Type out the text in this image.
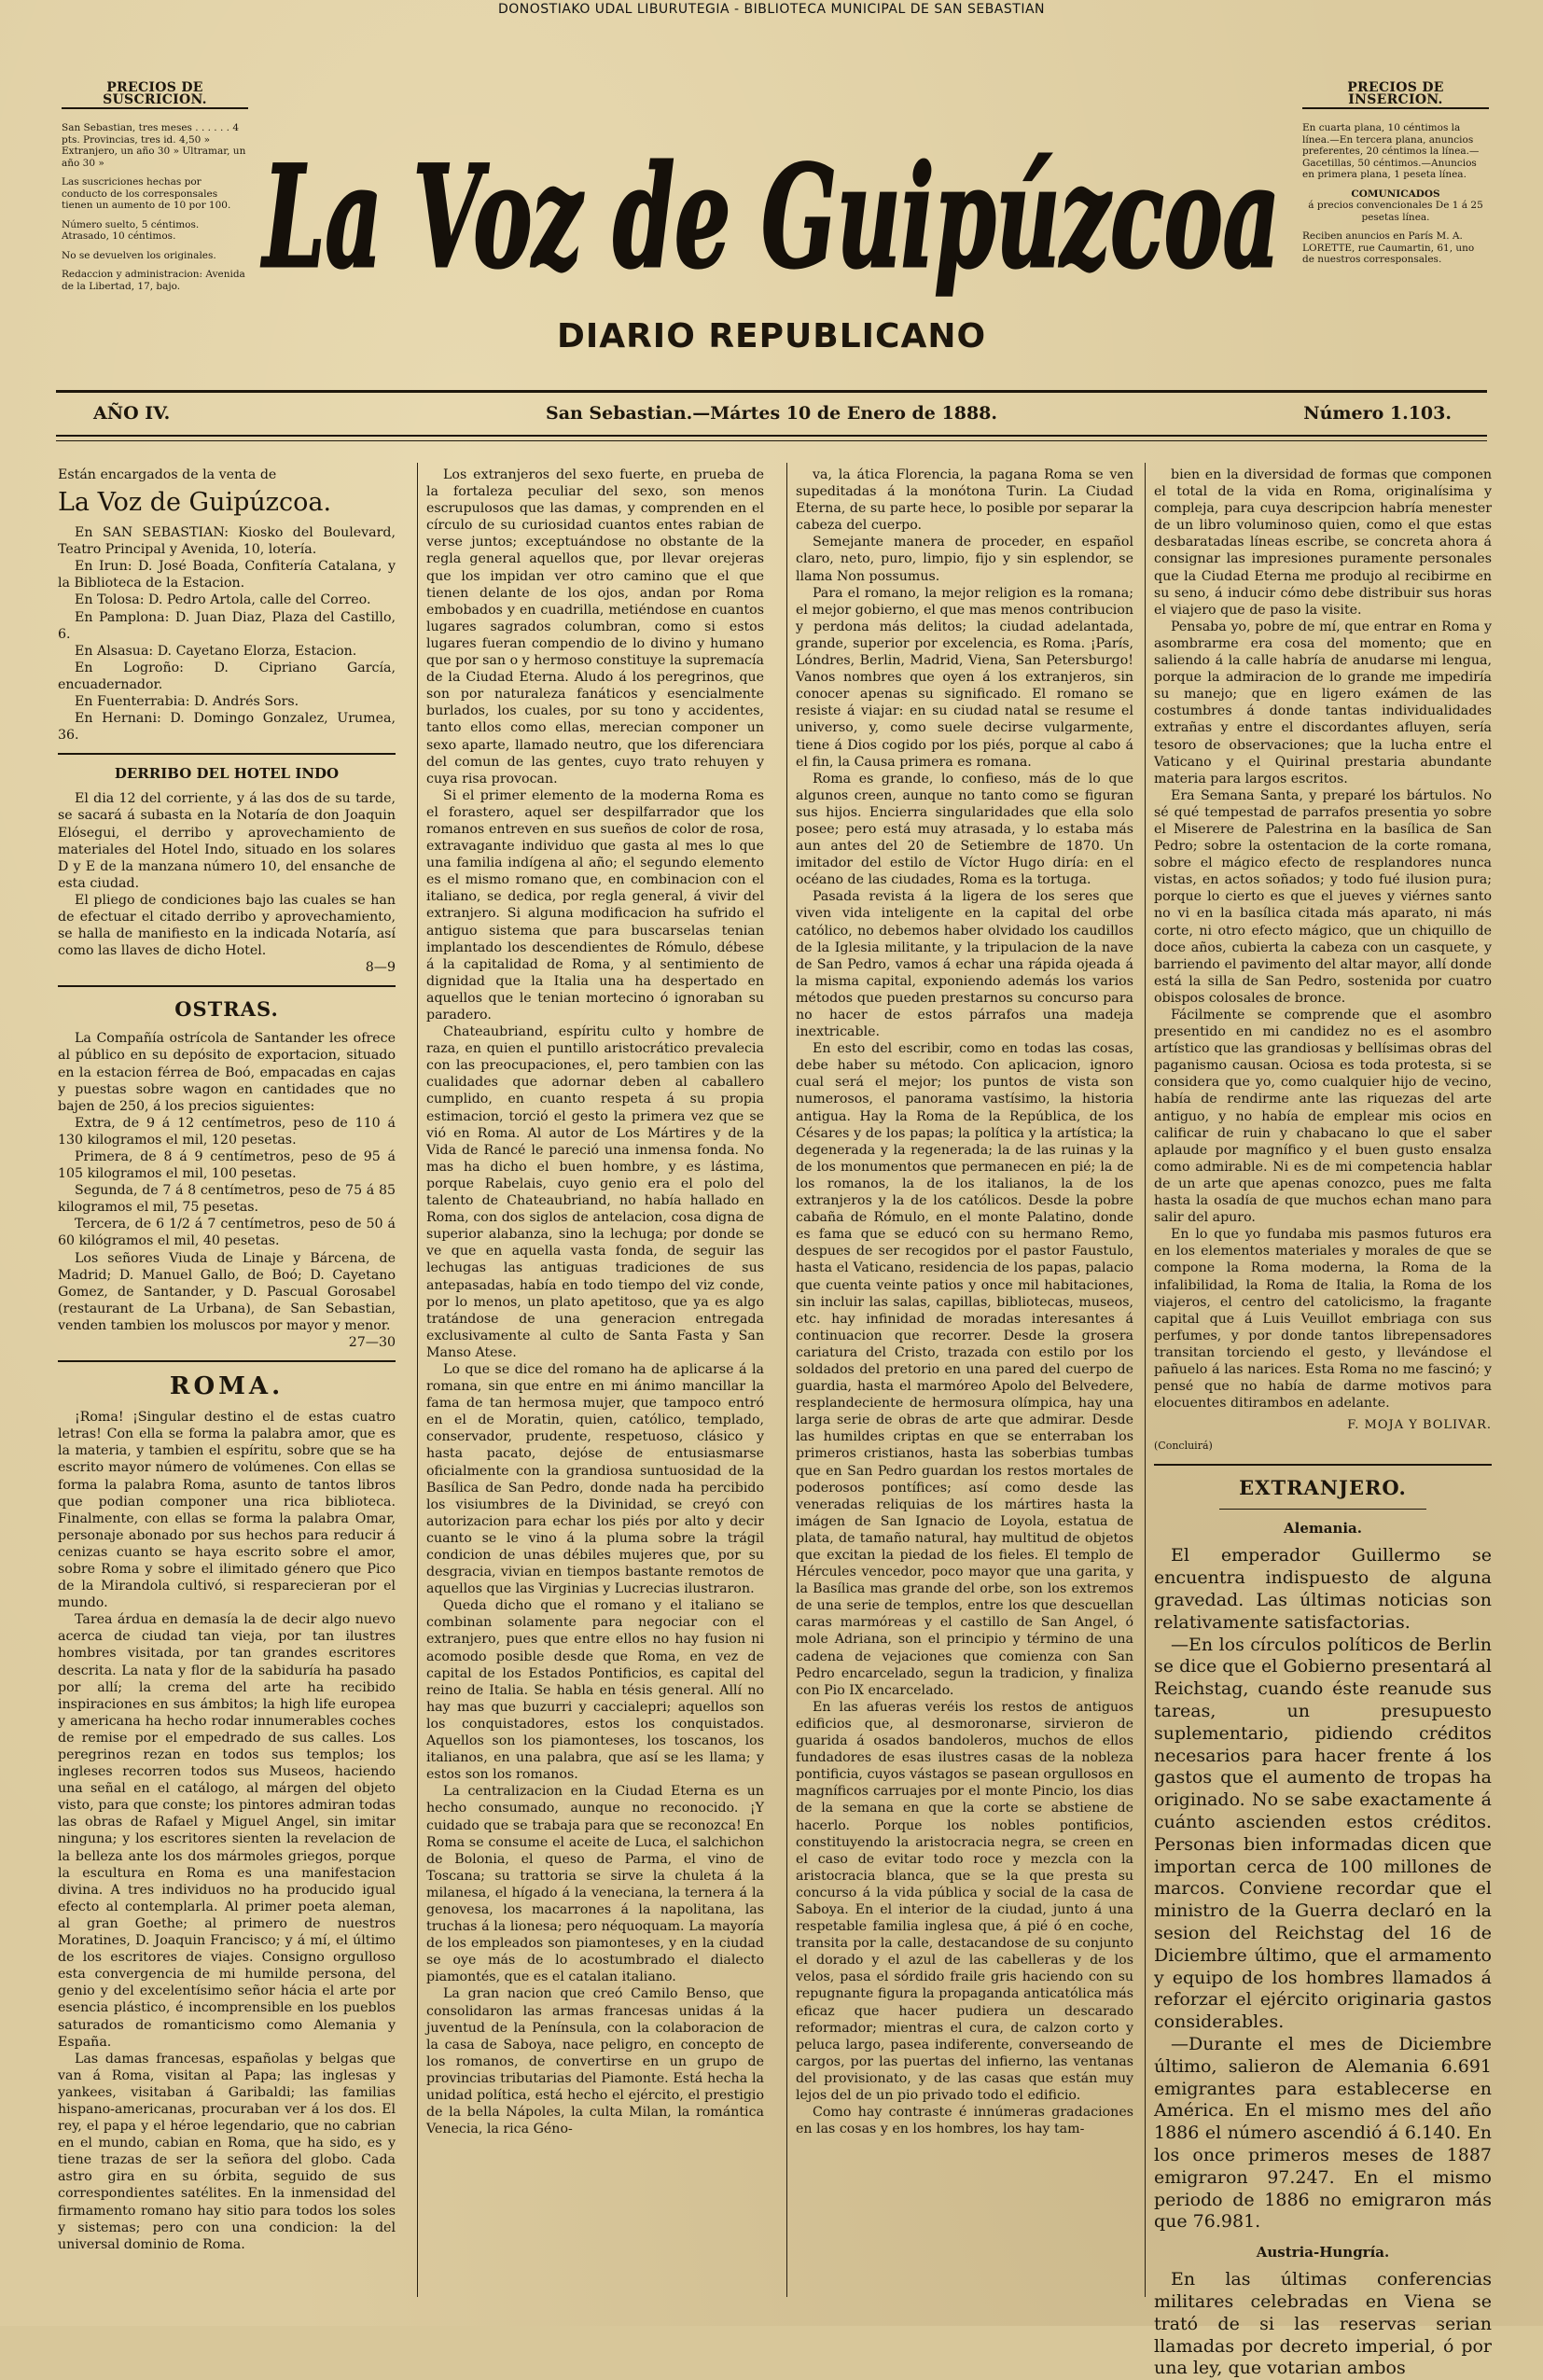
DONOSTIAKO UDAL LIBURUTEGIA - BIBLIOTECA MUNICIPAL DE SAN SEBASTIAN
PRECIOS DE SUSCRICION.

San Sebastian, tres meses . . . . . . 4 pts. Provincias, tres id. 4,50 » Extranjero, un año 30 » Ultramar, un año 30 »

Las suscriciones hechas por conducto de los corresponsales tienen un aumento de 10 por 100.

Número suelto, 5 céntimos. Atrasado, 10 céntimos.

No se devuelven los originales.

Redaccion y administracion: Avenida de la Libertad, 17, bajo. La Voz de Guipúzcoa
PRECIOS DE INSERCION.

En cuarta plana, 10 céntimos la línea.—En tercera plana, anuncios preferentes, 20 céntimos la línea.—Gacetillas, 50 céntimos.—Anuncios en primera plana, 1 peseta línea.

COMUNICADOS

á precios convencionales De 1 á 25 pesetas línea.

Reciben anuncios en París M. A. LORETTE, rue Caumartin, 61, uno de nuestros corresponsales.

DIARIO REPUBLICANO
AÑO IV.	San Sebastian.—Mártes 10 de Enero de 1888.	Número 1.103.

Están encargados de la venta de

La Voz de Guipúzcoa.

En SAN SEBASTIAN: Kiosko del Boulevard, Teatro Principal y Avenida, 10, lotería.

En Irun: D. José Boada, Confitería Catalana, y la Biblioteca de la Estacion.

En Tolosa: D. Pedro Artola, calle del Correo.

En Pamplona: D. Juan Diaz, Plaza del Castillo, 6.

En Alsasua: D. Cayetano Elorza, Estacion.

En Logroño: D. Cipriano García, encuadernador.

En Fuenterrabia: D. Andrés Sors.

En Hernani: D. Domingo Gonzalez, Urumea, 36.

DERRIBO DEL HOTEL INDO

El dia 12 del corriente, y á las dos de su tarde, se sacará á subasta en la Notaría de don Joaquin Elósegui, el derribo y aprovechamiento de materiales del Hotel Indo, situado en los solares D y E de la manzana número 10, del ensanche de esta ciudad.

El pliego de condiciones bajo las cuales se han de efectuar el citado derribo y aprovechamiento, se halla de manifiesto en la indicada Notaría, así como las llaves de dicho Hotel.

8—9

OSTRAS.

La Compañía ostrícola de Santander les ofrece al público en su depósito de exportacion, situado en la estacion férrea de Boó, empacadas en cajas y puestas sobre wagon en cantidades que no bajen de 250, á los precios siguientes:

Extra, de 9 á 12 centímetros, peso de 110 á 130 kilogramos el mil, 120 pesetas.

Primera, de 8 á 9 centímetros, peso de 95 á 105 kilogramos el mil, 100 pesetas.

Segunda, de 7 á 8 centímetros, peso de 75 á 85 kilogramos el mil, 75 pesetas.

Tercera, de 6 1/2 á 7 centímetros, peso de 50 á 60 kilógramos el mil, 40 pesetas.

Los señores Viuda de Linaje y Bárcena, de Madrid; D. Manuel Gallo, de Boó; D. Cayetano Gomez, de Santander, y D. Pascual Gorosabel (restaurant de La Urbana), de San Sebastian, venden tambien los moluscos por mayor y menor.

27—30

ROMA.

¡Roma! ¡Singular destino el de estas cuatro letras! Con ella se forma la palabra amor, que es la materia, y tambien el espíritu, sobre que se ha escrito mayor número de volúmenes. Con ellas se forma la palabra Roma, asunto de tantos libros que podian componer una rica biblioteca. Finalmente, con ellas se forma la palabra Omar, personaje abonado por sus hechos para reducir á cenizas cuanto se haya escrito sobre el amor, sobre Roma y sobre el ilimitado género que Pico de la Mirandola cultivó, si resparecieran por el mundo.

Tarea árdua en demasía la de decir algo nuevo acerca de ciudad tan vieja, por tan ilustres hombres visitada, por tan grandes escritores descrita. La nata y flor de la sabiduría ha pasado por allí; la crema del arte ha recibido inspiraciones en sus ámbitos; la high life europea y americana ha hecho rodar innumerables coches de remise por el empedrado de sus calles. Los peregrinos rezan en todos sus templos; los ingleses recorren todos sus Museos, haciendo una señal en el catálogo, al márgen del objeto visto, para que conste; los pintores admiran todas las obras de Rafael y Miguel Angel, sin imitar ninguna; y los escritores sienten la revelacion de la belleza ante los dos mármoles griegos, porque la escultura en Roma es una manifestacion divina. A tres individuos no ha producido igual efecto al contemplarla. Al primer poeta aleman, al gran Goethe; al primero de nuestros Moratines, D. Joaquin Francisco; y á mí, el último de los escritores de viajes. Consigno orgulloso esta convergencia de mi humilde persona, del genio y del excelentísimo señor hácia el arte por esencia plástico, é incomprensible en los pueblos saturados de romanticismo como Alemania y España.

Las damas francesas, españolas y belgas que van á Roma, visitan al Papa; las inglesas y yankees, visitaban á Garibaldi; las familias hispano-americanas, procuraban ver á los dos. El rey, el papa y el héroe legendario, que no cabrian en el mundo, cabian en Roma, que ha sido, es y tiene trazas de ser la señora del globo. Cada astro gira en su órbita, seguido de sus correspondientes satélites. En la inmensidad del firmamento romano hay sitio para todos los soles y sistemas; pero con una condicion: la del universal dominio de Roma.

Los extranjeros del sexo fuerte, en prueba de la fortaleza peculiar del sexo, son menos escrupulosos que las damas, y comprenden en el círculo de su curiosidad cuantos entes rabian de verse juntos; exceptuándose no obstante de la regla general aquellos que, por llevar orejeras que los impidan ver otro camino que el que tienen delante de los ojos, andan por Roma embobados y en cuadrilla, metiéndose en cuantos lugares sagrados columbran, como si estos lugares fueran compendio de lo divino y humano que por san o y hermoso constituye la supremacía de la Ciudad Eterna. Aludo á los peregrinos, que son por naturaleza fanáticos y esencialmente burlados, los cuales, por su tono y accidentes, tanto ellos como ellas, merecian componer un sexo aparte, llamado neutro, que los diferenciara del comun de las gentes, cuyo trato rehuyen y cuya risa provocan.

Si el primer elemento de la moderna Roma es el forastero, aquel ser despilfarrador que los romanos entreven en sus sueños de color de rosa, extravagante individuo que gasta al mes lo que una familia indígena al año; el segundo elemento es el mismo romano que, en combinacion con el italiano, se dedica, por regla general, á vivir del extranjero. Si alguna modificacion ha sufrido el antiguo sistema que para buscarselas tenian implantado los descendientes de Rómulo, débese á la capitalidad de Roma, y al sentimiento de dignidad que la Italia una ha despertado en aquellos que le tenian mortecino ó ignoraban su paradero.

Chateaubriand, espíritu culto y hombre de raza, en quien el puntillo aristocrático prevalecia con las preocupaciones, el, pero tambien con las cualidades que adornar deben al caballero cumplido, en cuanto respeta á su propia estimacion, torció el gesto la primera vez que se vió en Roma. Al autor de Los Mártires y de la Vida de Rancé le pareció una inmensa fonda. No mas ha dicho el buen hombre, y es lástima, porque Rabelais, cuyo genio era el polo del talento de Chateaubriand, no había hallado en Roma, con dos siglos de antelacion, cosa digna de superior alabanza, sino la lechuga; por donde se ve que en aquella vasta fonda, de seguir las lechugas las antiguas tradiciones de sus antepasadas, había en todo tiempo del viz conde, por lo menos, un plato apetitoso, que ya es algo tratándose de una generacion entregada exclusivamente al culto de Santa Fasta y San Manso Atese.

Lo que se dice del romano ha de aplicarse á la romana, sin que entre en mi ánimo mancillar la fama de tan hermosa mujer, que tampoco entró en el de Moratin, quien, católico, templado, conservador, prudente, respetuoso, clásico y hasta pacato, dejóse de entusiasmarse oficialmente con la grandiosa suntuosidad de la Basílica de San Pedro, donde nada ha percibido los visiumbres de la Divinidad, se creyó con autorizacion para echar los piés por alto y decir cuanto se le vino á la pluma sobre la trágil condicion de unas débiles mujeres que, por su desgracia, vivian en tiempos bastante remotos de aquellos que las Virginias y Lucrecias ilustraron.

Queda dicho que el romano y el italiano se combinan solamente para negociar con el extranjero, pues que entre ellos no hay fusion ni acomodo posible desde que Roma, en vez de capital de los Estados Pontificios, es capital del reino de Italia. Se habla en tésis general. Allí no hay mas que buzurri y caccialepri; aquellos son los conquistadores, estos los conquistados. Aquellos son los piamonteses, los toscanos, los italianos, en una palabra, que así se les llama; y estos son los romanos.

La centralizacion en la Ciudad Eterna es un hecho consumado, aunque no reconocido. ¡Y cuidado que se trabaja para que se reconozca! En Roma se consume el aceite de Luca, el salchichon de Bolonia, el queso de Parma, el vino de Toscana; su trattoria se sirve la chuleta á la milanesa, el hígado á la veneciana, la ternera á la genovesa, los macarrones á la napolitana, las truchas á la lionesa; pero néquoquam. La mayoría de los empleados son piamonteses, y en la ciudad se oye más de lo acostumbrado el dialecto piamontés, que es el catalan italiano.

La gran nacion que creó Camilo Benso, que consolidaron las armas francesas unidas á la juventud de la Península, con la colaboracion de la casa de Saboya, nace peligro, en concepto de los romanos, de convertirse en un grupo de provincias tributarias del Piamonte. Está hecha la unidad política, está hecho el ejército, el prestigio de la bella Nápoles, la culta Milan, la romántica Venecia, la rica Géno-

va, la ática Florencia, la pagana Roma se ven supeditadas á la monótona Turin. La Ciudad Eterna, de su parte hece, lo posible por separar la cabeza del cuerpo.

Semejante manera de proceder, en español claro, neto, puro, limpio, fijo y sin esplendor, se llama Non possumus.

Para el romano, la mejor religion es la romana; el mejor gobierno, el que mas menos contribucion y perdona más delitos; la ciudad adelantada, grande, superior por excelencia, es Roma. ¡París, Lóndres, Berlin, Madrid, Viena, San Petersburgo! Vanos nombres que oyen á los extranjeros, sin conocer apenas su significado. El romano se resiste á viajar: en su ciudad natal se resume el universo, y, como suele decirse vulgarmente, tiene á Dios cogido por los piés, porque al cabo á el fin, la Causa primera es romana.

Roma es grande, lo confieso, más de lo que algunos creen, aunque no tanto como se figuran sus hijos. Encierra singularidades que ella solo posee; pero está muy atrasada, y lo estaba más aun antes del 20 de Setiembre de 1870. Un imitador del estilo de Víctor Hugo diría: en el océano de las ciudades, Roma es la tortuga.

Pasada revista á la ligera de los seres que viven vida inteligente en la capital del orbe católico, no debemos haber olvidado los caudillos de la Iglesia militante, y la tripulacion de la nave de San Pedro, vamos á echar una rápida ojeada á la misma capital, exponiendo además los varios métodos que pueden prestarnos su concurso para no hacer de estos párrafos una madeja inextricable.

En esto del escribir, como en todas las cosas, debe haber su método. Con aplicacion, ignoro cual será el mejor; los puntos de vista son numerosos, el panorama vastísimo, la historia antigua. Hay la Roma de la República, de los Césares y de los papas; la política y la artística; la degenerada y la regenerada; la de las ruinas y la de los monumentos que permanecen en pié; la de los romanos, la de los italianos, la de los extranjeros y la de los católicos. Desde la pobre cabaña de Rómulo, en el monte Palatino, donde es fama que se educó con su hermano Remo, despues de ser recogidos por el pastor Faustulo, hasta el Vaticano, residencia de los papas, palacio que cuenta veinte patios y once mil habitaciones, sin incluir las salas, capillas, bibliotecas, museos, etc. hay infinidad de moradas interesantes á continuacion que recorrer. Desde la grosera cariatura del Cristo, trazada con estilo por los soldados del pretorio en una pared del cuerpo de guardia, hasta el marmóreo Apolo del Belvedere, resplandeciente de hermosura olímpica, hay una larga serie de obras de arte que admirar. Desde las humildes criptas en que se enterraban los primeros cristianos, hasta las soberbias tumbas que en San Pedro guardan los restos mortales de poderosos pontífices; así como desde las veneradas reliquias de los mártires hasta la imágen de San Ignacio de Loyola, estatua de plata, de tamaño natural, hay multitud de objetos que excitan la piedad de los fieles. El templo de Hércules vencedor, poco mayor que una garita, y la Basílica mas grande del orbe, son los extremos de una serie de templos, entre los que descuellan caras marmóreas y el castillo de San Angel, ó mole Adriana, son el principio y término de una cadena de vejaciones que comienza con San Pedro encarcelado, segun la tradicion, y finaliza con Pio IX encarcelado.

En las afueras veréis los restos de antiguos edificios que, al desmoronarse, sirvieron de guarida á osados bandoleros, muchos de ellos fundadores de esas ilustres casas de la nobleza pontificia, cuyos vástagos se pasean orgullosos en magníficos carruajes por el monte Pincio, los dias de la semana en que la corte se abstiene de hacerlo. Porque los nobles pontificios, constituyendo la aristocracia negra, se creen en el caso de evitar todo roce y mezcla con la aristocracia blanca, que se la que presta su concurso á la vida pública y social de la casa de Saboya. En el interior de la ciudad, junto á una respetable familia inglesa que, á pié ó en coche, transita por la calle, destacandose de su conjunto el dorado y el azul de las cabelleras y de los velos, pasa el sórdido fraile gris haciendo con su repugnante figura la propaganda anticatólica más eficaz que hacer pudiera un descarado reformador; mientras el cura, de calzon corto y peluca largo, pasea indiferente, converseando de cargos, por las puertas del infierno, las ventanas del provisionato, y de las casas que están muy lejos del de un pio privado todo el edificio.

Como hay contraste é innúmeras gradaciones en las cosas y en los hombres, los hay tam-

bien en la diversidad de formas que componen el total de la vida en Roma, originalísima y compleja, para cuya descripcion habría menester de un libro voluminoso quien, como el que estas desbaratadas líneas escribe, se concreta ahora á consignar las impresiones puramente personales que la Ciudad Eterna me produjo al recibirme en su seno, á inducir cómo debe distribuir sus horas el viajero que de paso la visite.

Pensaba yo, pobre de mí, que entrar en Roma y asombrarme era cosa del momento; que en saliendo á la calle habría de anudarse mi lengua, porque la admiracion de lo grande me impediría su manejo; que en ligero exámen de las costumbres á donde tantas individualidades extrañas y entre el discordantes afluyen, sería tesoro de observaciones; que la lucha entre el Vaticano y el Quirinal prestaria abundante materia para largos escritos.

Era Semana Santa, y preparé los bártulos. No sé qué tempestad de parrafos presentia yo sobre el Miserere de Palestrina en la basílica de San Pedro; sobre la ostentacion de la corte romana, sobre el mágico efecto de resplandores nunca vistas, en actos soñados; y todo fué ilusion pura; porque lo cierto es que el jueves y viérnes santo no vi en la basílica citada más aparato, ni más corte, ni otro efecto mágico, que un chiquillo de doce años, cubierta la cabeza con un casquete, y barriendo el pavimento del altar mayor, allí donde está la silla de San Pedro, sostenida por cuatro obispos colosales de bronce.

Fácilmente se comprende que el asombro presentido en mi candidez no es el asombro artístico que las grandiosas y bellísimas obras del paganismo causan. Ociosa es toda protesta, si se considera que yo, como cualquier hijo de vecino, había de rendirme ante las riquezas del arte antiguo, y no había de emplear mis ocios en calificar de ruin y chabacano lo que el saber aplaude por magnífico y el buen gusto ensalza como admirable. Ni es de mi competencia hablar de un arte que apenas conozco, pues me falta hasta la osadía de que muchos echan mano para salir del apuro.

En lo que yo fundaba mis pasmos futuros era en los elementos materiales y morales de que se compone la Roma moderna, la Roma de la infalibilidad, la Roma de Italia, la Roma de los viajeros, el centro del catolicismo, la fragante capital que á Luis Veuillot embriaga con sus perfumes, y por donde tantos librepensadores transitan torciendo el gesto, y llevándose el pañuelo á las narices. Esta Roma no me fascinó; y pensé que no había de darme motivos para elocuentes ditirambos en adelante.

F. MOJA Y BOLIVAR.

(Concluirá)

EXTRANJERO.
Alemania.

El emperador Guillermo se encuentra indispuesto de alguna gravedad. Las últimas noticias son relativamente satisfactorias.

—En los círculos políticos de Berlin se dice que el Gobierno presentará al Reichstag, cuando éste reanude sus tareas, un presupuesto suplementario, pidiendo créditos necesarios para hacer frente á los gastos que el aumento de tropas ha originado. No se sabe exactamente á cuánto ascienden estos créditos. Personas bien informadas dicen que importan cerca de 100 millones de marcos. Conviene recordar que el ministro de la Guerra declaró en la sesion del Reichstag del 16 de Diciembre último, que el armamento y equipo de los hombres llamados á reforzar el ejército originaria gastos considerables.

—Durante el mes de Diciembre último, salieron de Alemania 6.691 emigrantes para establecerse en América. En el mismo mes del año 1886 el número ascendió á 6.140. En los once primeros meses de 1887 emigraron 97.247. En el mismo periodo de 1886 no emigraron más que 76.981.

Austria-Hungría.

En las últimas conferencias militares celebradas en Viena se trató de si las reservas serian llamadas por decreto imperial, ó por una ley, que votarian ambos
